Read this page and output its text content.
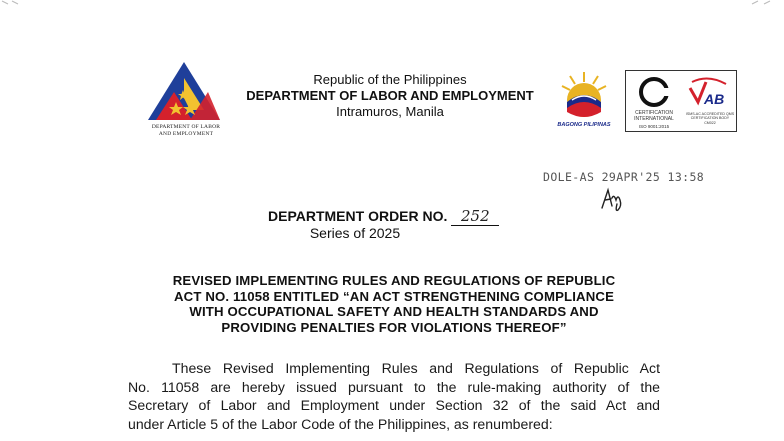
DEPARTMENT OF LABOR
AND EMPLOYMENT
Republic of the Philippines
DEPARTMENT OF LABOR AND EMPLOYMENT
Intramuros, Manila
BAGONG PILIPINAS
CERTIFICATION
INTERNATIONAL
ISO 9001:2015
AB
ISMS-AC ACCREDITED QMS
CERTIFICATION BODY
CM022
DOLE-AS 29APR'25 13:58
DEPARTMENT ORDER NO. 252
Series of 2025
REVISED IMPLEMENTING RULES AND REGULATIONS OF REPUBLIC
ACT NO. 11058 ENTITLED “AN ACT STRENGTHENING COMPLIANCE
WITH OCCUPATIONAL SAFETY AND HEALTH STANDARDS AND
PROVIDING PENALTIES FOR VIOLATIONS THEREOF”
These Revised Implementing Rules and Regulations of Republic Act
No. 11058 are hereby issued pursuant to the rule-making authority of the
Secretary of Labor and Employment under Section 32 of the said Act and
under Article 5 of the Labor Code of the Philippines, as renumbered:
